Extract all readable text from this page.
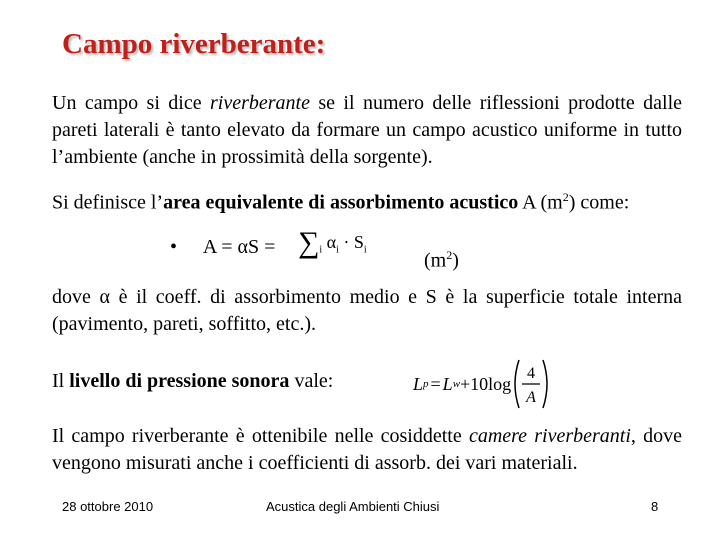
Campo riverberante:
Un campo si dice riverberante se il numero delle riflessioni prodotte dalle pareti laterali è tanto elevato da formare un campo acustico uniforme in tutto l’ambiente (anche in prossimità della sorgente).
Si definisce l’area equivalente di assorbimento acustico A $(m^2)$ come:
• $A = \alpha S = \sum_i$ $\alpha_i \cdot S_i$	$(m^2)$
dove α è il coeff. di assorbimento medio e S è la superficie totale interna (pavimento, pareti, soffitto, etc.).
Il livello di pressione sonora vale:	L p = L w +10log 4
A
Il campo riverberante è ottenibile nelle cosiddette camere riverberanti, dove vengono misurati anche i coefficienti di assorb. dei vari materiali.
28 ottobre 2010	Acustica degli Ambienti Chiusi	8
